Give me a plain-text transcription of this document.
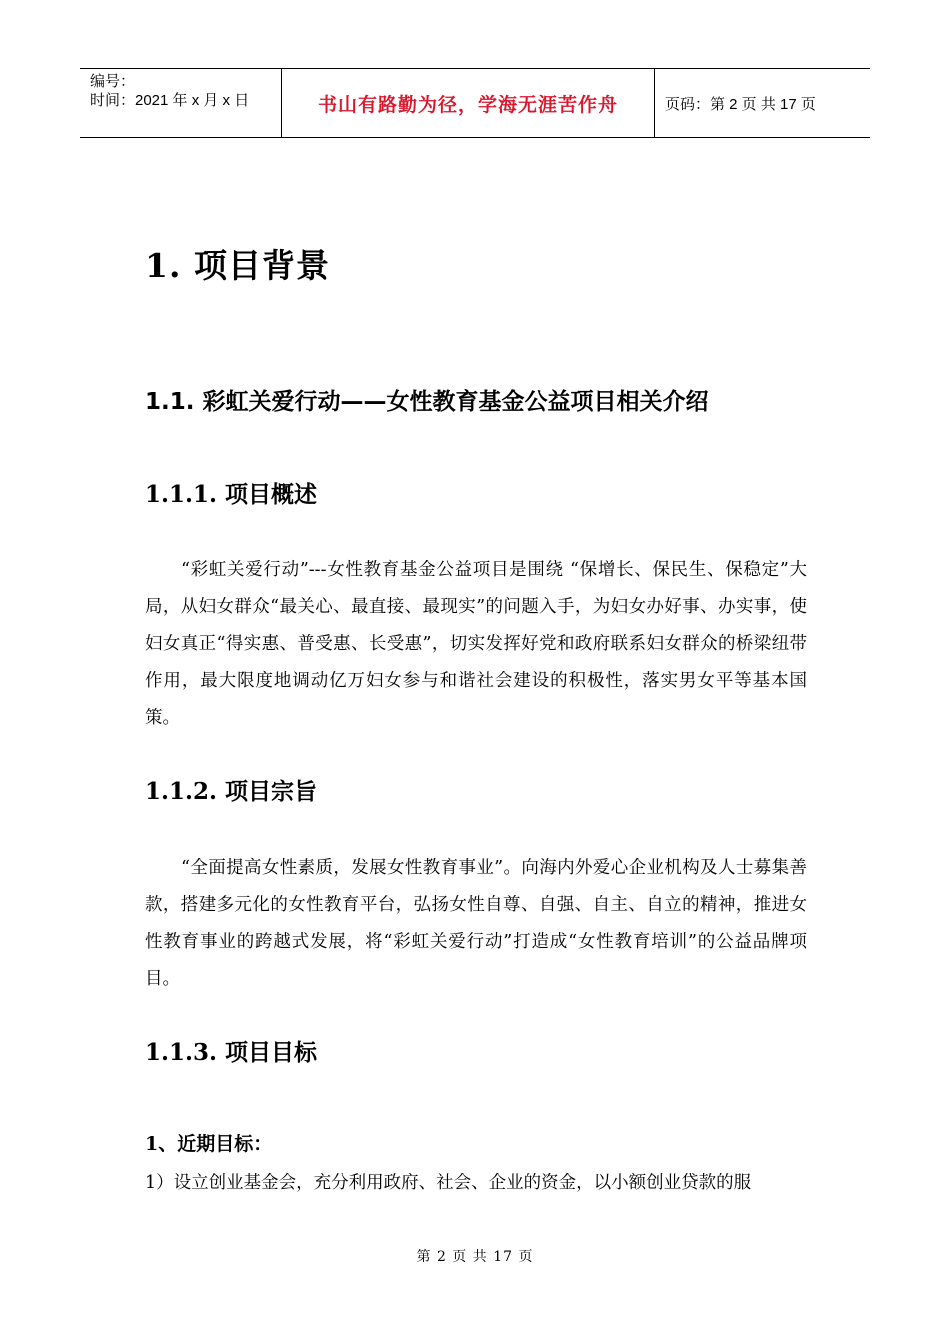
编号：
时间：2021 年 x 月 x 日	书山有路勤为径，学海无涯苦作舟	页码：第 2 页 共 17 页
1. 项目背景
1.1. 彩虹关爱行动——女性教育基金公益项目相关介绍
1.1.1. 项目概述

“彩虹关爱行动”---女性教育基金公益项目是围绕 “保增长、保民生、保稳定”大局，从妇女群众“最关心、最直接、最现实”的问题入手，为妇女办好事、办实事，使妇女真正“得实惠、普受惠、长受惠”，切实发挥好党和政府联系妇女群众的桥梁纽带作用，最大限度地调动亿万妇女参与和谐社会建设的积极性，落实男女平等基本国策。

1.1.2. 项目宗旨

“全面提高女性素质，发展女性教育事业”。向海内外爱心企业机构及人士募集善款，搭建多元化的女性教育平台，弘扬女性自尊、自强、自主、自立的精神，推进女性教育事业的跨越式发展，将“彩虹关爱行动”打造成“女性教育培训”的公益品牌项目。

1.1.3. 项目目标
1、近期目标：
1）设立创业基金会，充分利用政府、社会、企业的资金，以小额创业贷款的服
第 2 页 共 17 页
